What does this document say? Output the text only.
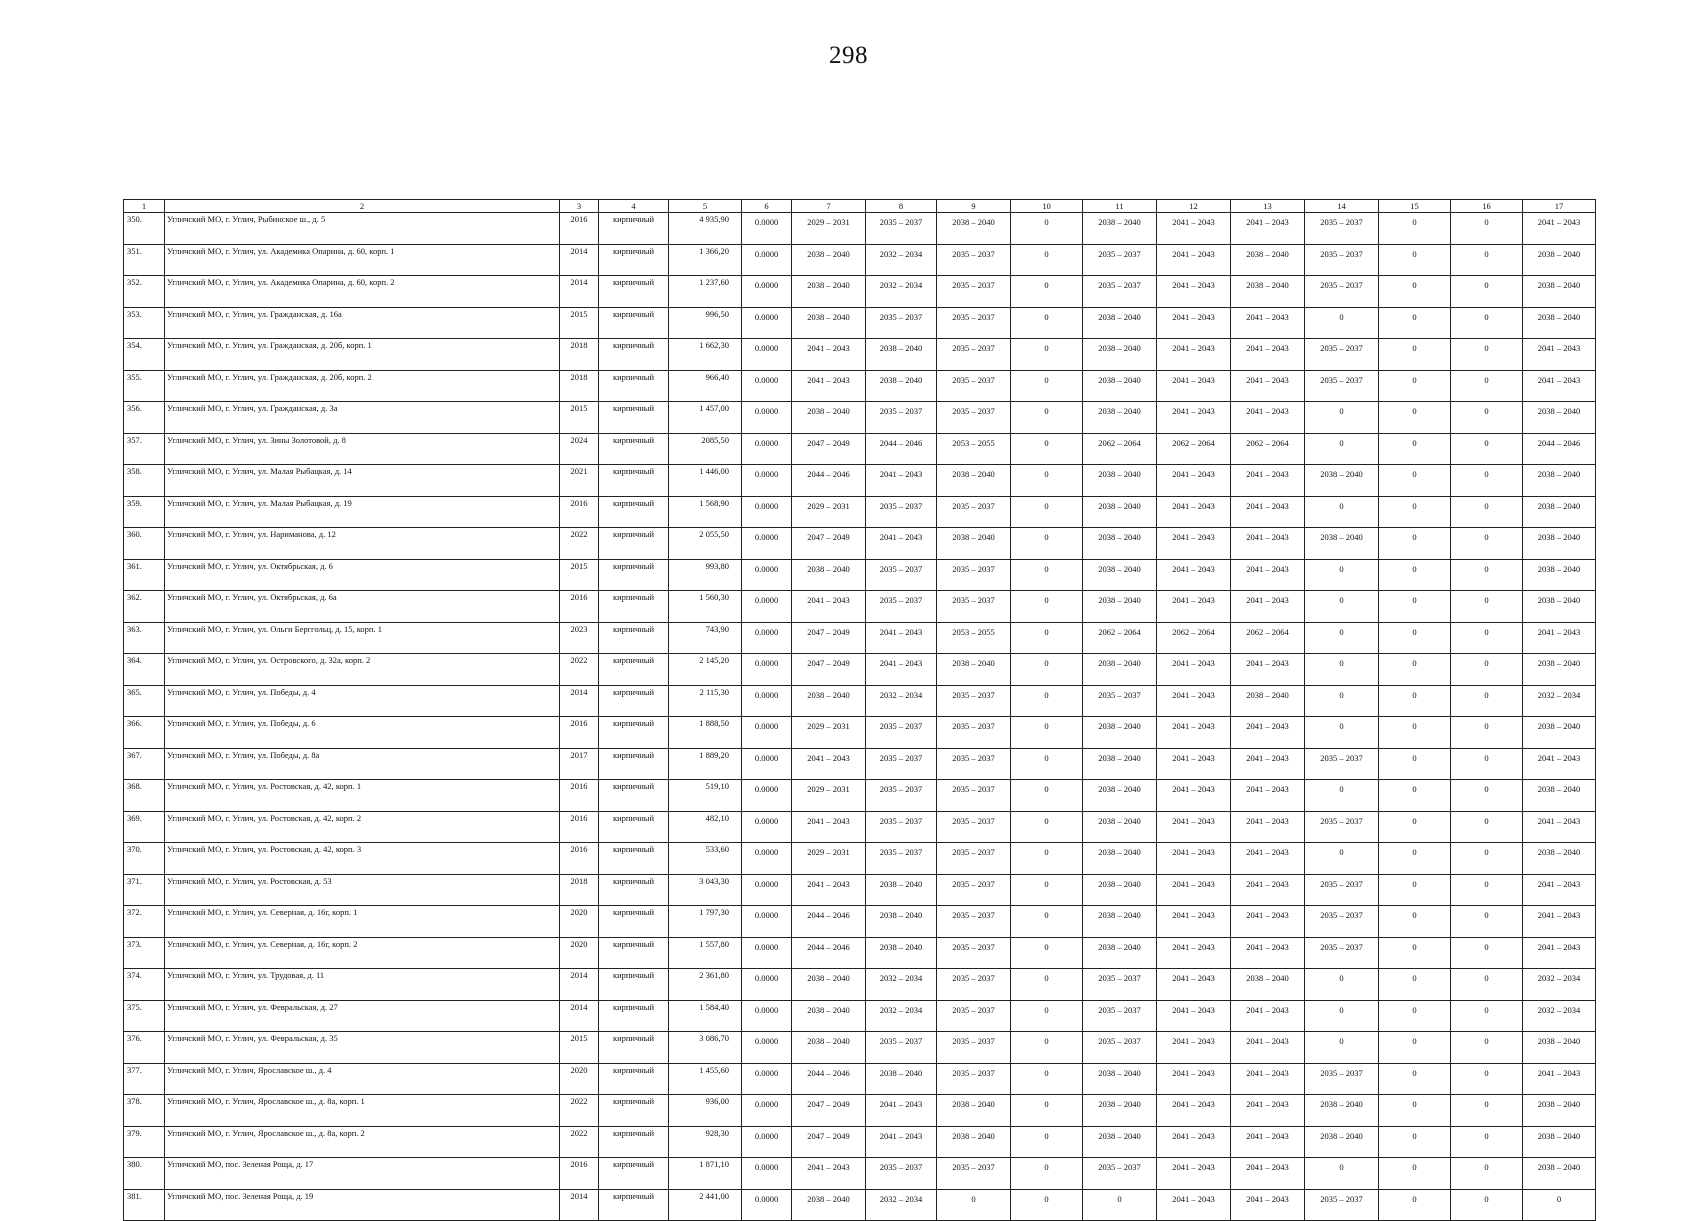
298
1	2	3	4	5	6	7	8	9	10	11	12	13	14	15	16	17
350.	Угличский МО, г. Углич, Рыбинское ш., д. 5	2016	кирпичный	4 935,90	0.0000	2029 – 2031	2035 – 2037	2038 – 2040	0	2038 – 2040	2041 – 2043	2041 – 2043	2035 – 2037	0	0	2041 – 2043
351.	Угличский МО, г. Углич, ул. Академика Опарина, д. 60, корп. 1	2014	кирпичный	1 366,20	0.0000	2038 – 2040	2032 – 2034	2035 – 2037	0	2035 – 2037	2041 – 2043	2038 – 2040	2035 – 2037	0	0	2038 – 2040
352.	Угличский МО, г. Углич, ул. Академика Опарина, д. 60, корп. 2	2014	кирпичный	1 237,60	0.0000	2038 – 2040	2032 – 2034	2035 – 2037	0	2035 – 2037	2041 – 2043	2038 – 2040	2035 – 2037	0	0	2038 – 2040
353.	Угличский МО, г. Углич, ул. Гражданская, д. 16а	2015	кирпичный	996,50	0.0000	2038 – 2040	2035 – 2037	2035 – 2037	0	2038 – 2040	2041 – 2043	2041 – 2043	0	0	0	2038 – 2040
354.	Угличский МО, г. Углич, ул. Гражданская, д. 20б, корп. 1	2018	кирпичный	1 662,30	0.0000	2041 – 2043	2038 – 2040	2035 – 2037	0	2038 – 2040	2041 – 2043	2041 – 2043	2035 – 2037	0	0	2041 – 2043
355.	Угличский МО, г. Углич, ул. Гражданская, д. 20б, корп. 2	2018	кирпичный	966,40	0.0000	2041 – 2043	2038 – 2040	2035 – 2037	0	2038 – 2040	2041 – 2043	2041 – 2043	2035 – 2037	0	0	2041 – 2043
356.	Угличский МО, г. Углич, ул. Гражданская, д. 3а	2015	кирпичный	1 457,00	0.0000	2038 – 2040	2035 – 2037	2035 – 2037	0	2038 – 2040	2041 – 2043	2041 – 2043	0	0	0	2038 – 2040
357.	Угличский МО, г. Углич, ул. Зины Золотовой, д. 8	2024	кирпичный	2085,50	0.0000	2047 – 2049	2044 – 2046	2053 – 2055	0	2062 – 2064	2062 – 2064	2062 – 2064	0	0	0	2044 – 2046
358.	Угличский МО, г. Углич, ул. Малая Рыбацкая, д. 14	2021	кирпичный	1 446,00	0.0000	2044 – 2046	2041 – 2043	2038 – 2040	0	2038 – 2040	2041 – 2043	2041 – 2043	2038 – 2040	0	0	2038 – 2040
359.	Угличский МО, г. Углич, ул. Малая Рыбацкая, д. 19	2016	кирпичный	1 568,90	0.0000	2029 – 2031	2035 – 2037	2035 – 2037	0	2038 – 2040	2041 – 2043	2041 – 2043	0	0	0	2038 – 2040
360.	Угличский МО, г. Углич, ул. Нариманова, д. 12	2022	кирпичный	2 055,50	0.0000	2047 – 2049	2041 – 2043	2038 – 2040	0	2038 – 2040	2041 – 2043	2041 – 2043	2038 – 2040	0	0	2038 – 2040
361.	Угличский МО, г. Углич, ул. Октябрьская, д. 6	2015	кирпичный	993,80	0.0000	2038 – 2040	2035 – 2037	2035 – 2037	0	2038 – 2040	2041 – 2043	2041 – 2043	0	0	0	2038 – 2040
362.	Угличский МО, г. Углич, ул. Октябрьская, д. 6а	2016	кирпичный	1 560,30	0.0000	2041 – 2043	2035 – 2037	2035 – 2037	0	2038 – 2040	2041 – 2043	2041 – 2043	0	0	0	2038 – 2040
363.	Угличский МО, г. Углич, ул. Ольги Берггольц, д. 15, корп. 1	2023	кирпичный	743,90	0.0000	2047 – 2049	2041 – 2043	2053 – 2055	0	2062 – 2064	2062 – 2064	2062 – 2064	0	0	0	2041 – 2043
364.	Угличский МО, г. Углич, ул. Островского, д. 32а, корп. 2	2022	кирпичный	2 145,20	0.0000	2047 – 2049	2041 – 2043	2038 – 2040	0	2038 – 2040	2041 – 2043	2041 – 2043	0	0	0	2038 – 2040
365.	Угличский МО, г. Углич, ул. Победы, д. 4	2014	кирпичный	2 115,30	0.0000	2038 – 2040	2032 – 2034	2035 – 2037	0	2035 – 2037	2041 – 2043	2038 – 2040	0	0	0	2032 – 2034
366.	Угличский МО, г. Углич, ул. Победы, д. 6	2016	кирпичный	1 888,50	0.0000	2029 – 2031	2035 – 2037	2035 – 2037	0	2038 – 2040	2041 – 2043	2041 – 2043	0	0	0	2038 – 2040
367.	Угличский МО, г. Углич, ул. Победы, д. 8а	2017	кирпичный	1 889,20	0.0000	2041 – 2043	2035 – 2037	2035 – 2037	0	2038 – 2040	2041 – 2043	2041 – 2043	2035 – 2037	0	0	2041 – 2043
368.	Угличский МО, г. Углич, ул. Ростовская, д. 42, корп. 1	2016	кирпичный	519,10	0.0000	2029 – 2031	2035 – 2037	2035 – 2037	0	2038 – 2040	2041 – 2043	2041 – 2043	0	0	0	2038 – 2040
369.	Угличский МО, г. Углич, ул. Ростовская, д. 42, корп. 2	2016	кирпичный	482,10	0.0000	2041 – 2043	2035 – 2037	2035 – 2037	0	2038 – 2040	2041 – 2043	2041 – 2043	2035 – 2037	0	0	2041 – 2043
370.	Угличский МО, г. Углич, ул. Ростовская, д. 42, корп. 3	2016	кирпичный	533,60	0.0000	2029 – 2031	2035 – 2037	2035 – 2037	0	2038 – 2040	2041 – 2043	2041 – 2043	0	0	0	2038 – 2040
371.	Угличский МО, г. Углич, ул. Ростовская, д. 53	2018	кирпичный	3 043,30	0.0000	2041 – 2043	2038 – 2040	2035 – 2037	0	2038 – 2040	2041 – 2043	2041 – 2043	2035 – 2037	0	0	2041 – 2043
372.	Угличский МО, г. Углич, ул. Северная, д. 16г, корп. 1	2020	кирпичный	1 797,30	0.0000	2044 – 2046	2038 – 2040	2035 – 2037	0	2038 – 2040	2041 – 2043	2041 – 2043	2035 – 2037	0	0	2041 – 2043
373.	Угличский МО, г. Углич, ул. Северная, д. 16г, корп. 2	2020	кирпичный	1 557,80	0.0000	2044 – 2046	2038 – 2040	2035 – 2037	0	2038 – 2040	2041 – 2043	2041 – 2043	2035 – 2037	0	0	2041 – 2043
374.	Угличский МО, г. Углич, ул. Трудовая, д. 11	2014	кирпичный	2 361,80	0.0000	2038 – 2040	2032 – 2034	2035 – 2037	0	2035 – 2037	2041 – 2043	2038 – 2040	0	0	0	2032 – 2034
375.	Угличский МО, г. Углич, ул. Февральская, д. 27	2014	кирпичный	1 584,40	0.0000	2038 – 2040	2032 – 2034	2035 – 2037	0	2035 – 2037	2041 – 2043	2041 – 2043	0	0	0	2032 – 2034
376.	Угличский МО, г. Углич, ул. Февральская, д. 35	2015	кирпичный	3 086,70	0.0000	2038 – 2040	2035 – 2037	2035 – 2037	0	2035 – 2037	2041 – 2043	2041 – 2043	0	0	0	2038 – 2040
377.	Угличский МО, г. Углич, Ярославское ш., д. 4	2020	кирпичный	1 455,60	0.0000	2044 – 2046	2038 – 2040	2035 – 2037	0	2038 – 2040	2041 – 2043	2041 – 2043	2035 – 2037	0	0	2041 – 2043
378.	Угличский МО, г. Углич, Ярославское ш., д. 8а, корп. 1	2022	кирпичный	936,00	0.0000	2047 – 2049	2041 – 2043	2038 – 2040	0	2038 – 2040	2041 – 2043	2041 – 2043	2038 – 2040	0	0	2038 – 2040
379.	Угличский МО, г. Углич, Ярославское ш., д. 8а, корп. 2	2022	кирпичный	928,30	0.0000	2047 – 2049	2041 – 2043	2038 – 2040	0	2038 – 2040	2041 – 2043	2041 – 2043	2038 – 2040	0	0	2038 – 2040
380.	Угличский МО, пос. Зеленая Роща, д. 17	2016	кирпичный	1 871,10	0.0000	2041 – 2043	2035 – 2037	2035 – 2037	0	2035 – 2037	2041 – 2043	2041 – 2043	0	0	0	2038 – 2040
381.	Угличский МО, пос. Зеленая Роща, д. 19	2014	кирпичный	2 441,00	0.0000	2038 – 2040	2032 – 2034	0	0	0	2041 – 2043	2041 – 2043	2035 – 2037	0	0	0
